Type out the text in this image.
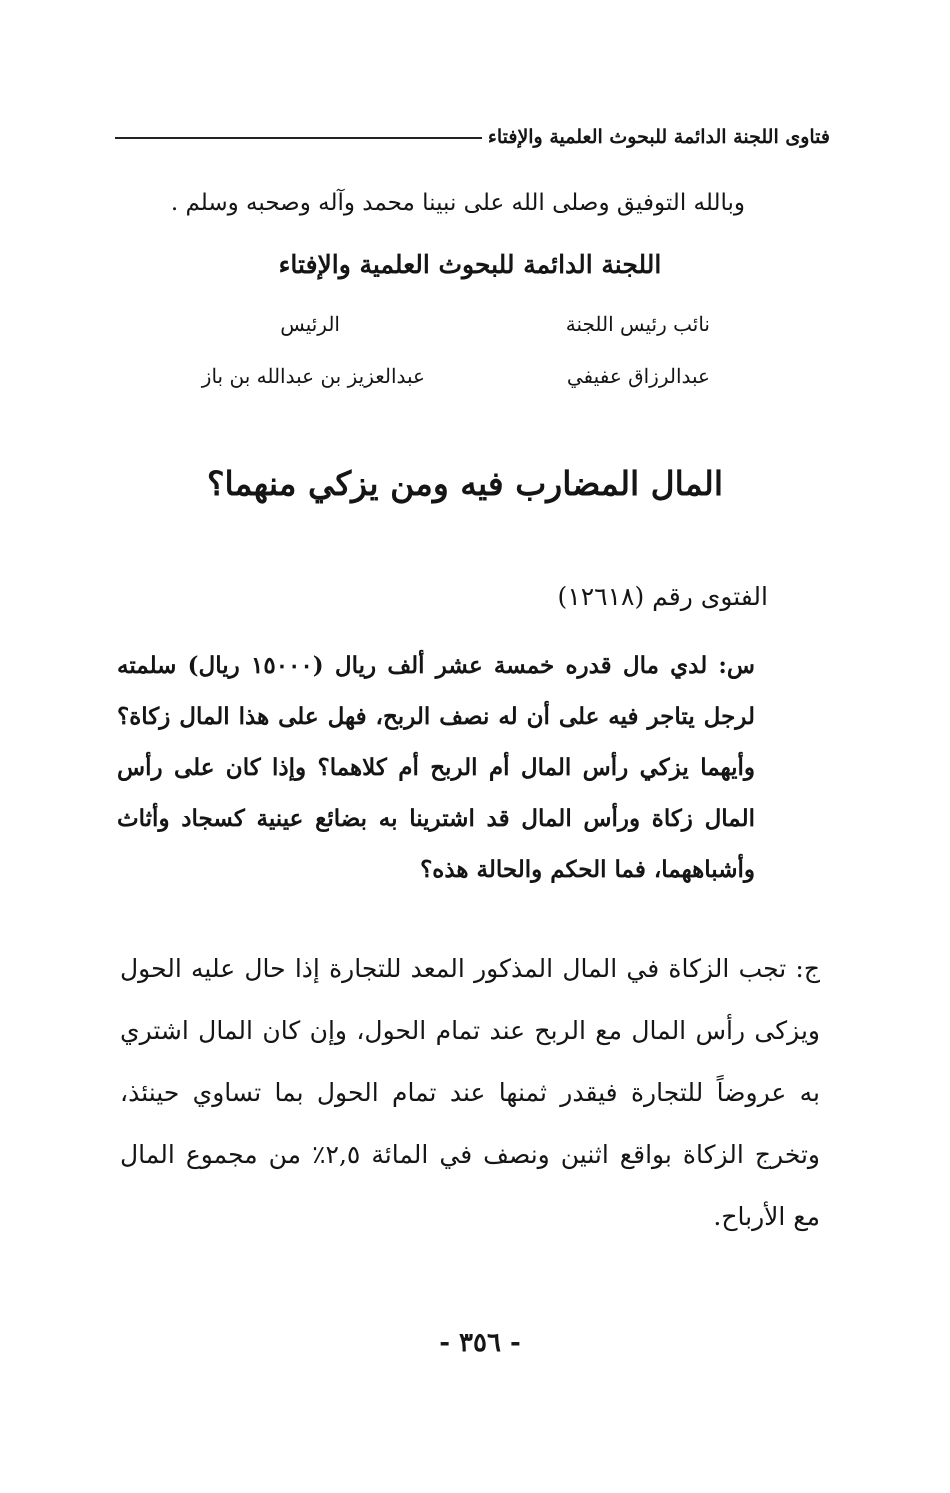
فتاوى اللجنة الدائمة للبحوث العلمية والإفتاء
وبالله التوفيق وصلى الله على نبينا محمد وآله وصحبه وسلم .
اللجنة الدائمة للبحوث العلمية والإفتاء
نائب رئيس اللجنة
عبدالرزاق عفيفي
الرئيس
عبدالعزيز بن عبدالله بن باز
المال المضارب فيه ومن يزكي منهما؟
الفتوى رقم (١٢٦١٨)

س: لدي مال قدره خمسة عشر ألف ريال (١٥٠٠٠ ريال) سلمته لرجل يتاجر فيه على أن له نصف الربح، فهل على هذا المال زكاة؟ وأيهما يزكي رأس المال أم الربح أم كلاهما؟ وإذا كان على رأس المال زكاة ورأس المال قد اشترينا به بضائع عينية كسجاد وأثاث وأشباههما، فما الحكم والحالة هذه؟

ج: تجب الزكاة في المال المذكور المعد للتجارة إذا حال عليه الحول ويزكى رأس المال مع الربح عند تمام الحول، وإن كان المال اشتري به عروضاً للتجارة فيقدر ثمنها عند تمام الحول بما تساوي حينئذ، وتخرج الزكاة بواقع اثنين ونصف في المائة ٢,٥٪ من مجموع المال مع الأرباح.

- ٣٥٦ -
